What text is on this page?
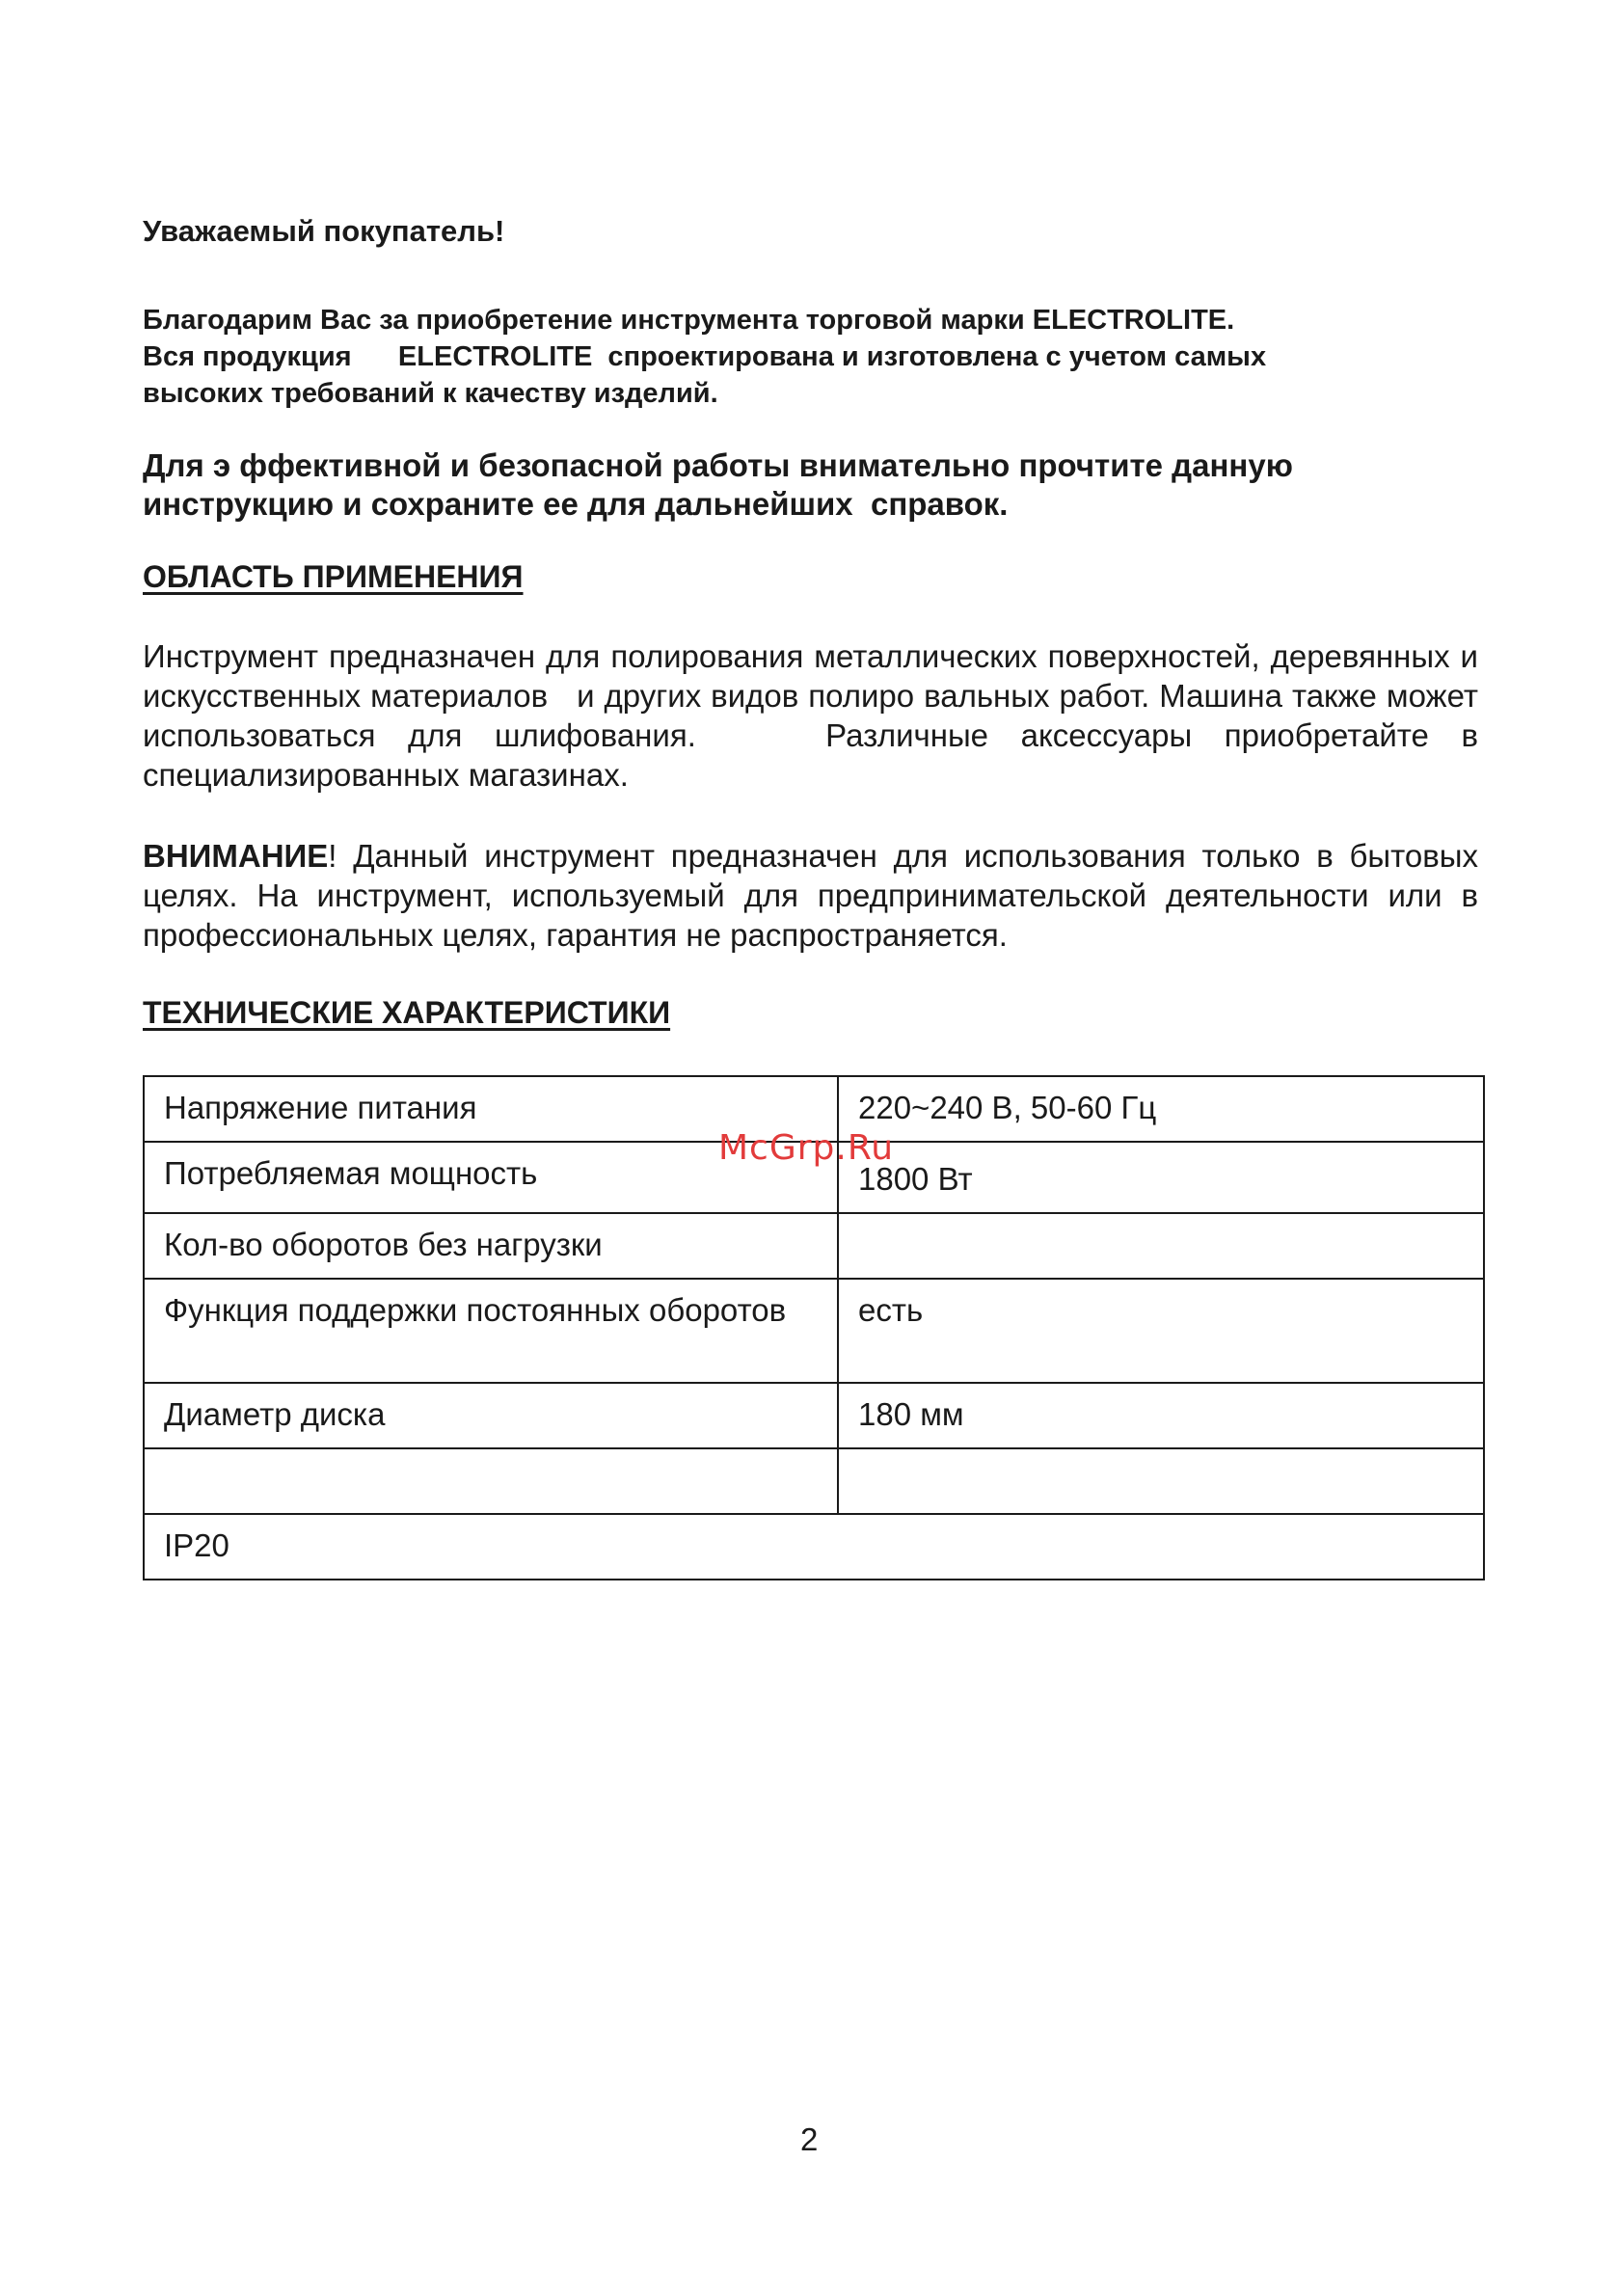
Уважаемый покупатель!
Благодарим Вас за приобретение инструмента торговой марки ELECTROLITE.
Вся продукция      ELECTROLITE  спроектирована и изготовлена с учетом самых
высоких требований к качеству изделий.
Для э ффективной и безопасной работы внимательно прочтите данную
инструкцию и сохраните ее для дальнейших  справок.
ОБЛАСТЬ ПРИМЕНЕНИЯ
Инструмент предназначен для полирования металлических поверхностей, деревянных и искусственных материалов   и других видов полиро вальных работ. Машина также может использоваться для шлифования.    Различные аксессуары приобретайте в специализированных магазинах.
ВНИМАНИЕ! Данный инструмент предназначен для использования только в бытовых целях. На инструмент, используемый для предпринимательской деятельности или в профессиональных целях, гарантия не распространяется.
ТЕХНИЧЕСКИЕ ХАРАКТЕРИСТИКИ
Напряжение питания	220~240 В, 50-60 Гц
Потребляемая мощность	1800 Вт
Кол-во оборотов без нагрузки	
Функция поддержки постоянных оборотов	есть
Диаметр диска	180 мм

IP20	
McGrp.Ru
2
